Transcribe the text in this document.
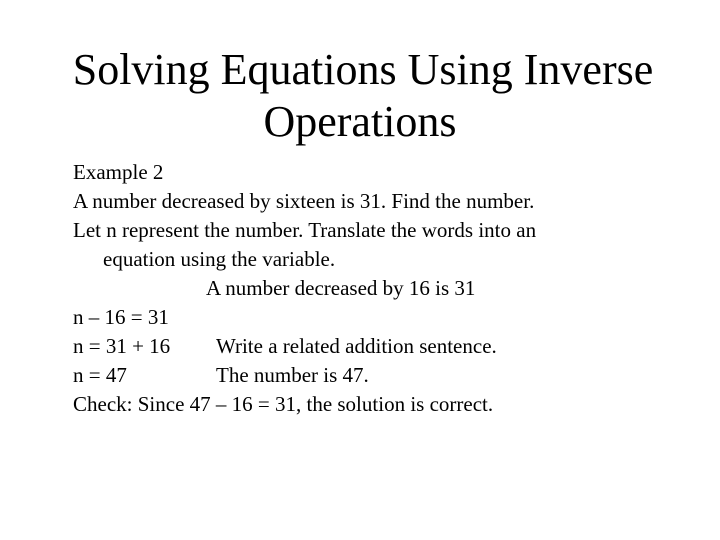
Solving Equations Using Inverse
Operations
Example 2
A number decreased by sixteen is 31. Find the number.
Let n represent the number. Translate the words into an
equation using the variable.
A number decreased by 16 is 31
n – 16 = 31
n = 31 + 16 Write a related addition sentence.
n = 47	The number is 47.
Check: Since 47 – 16 = 31, the solution is correct.
